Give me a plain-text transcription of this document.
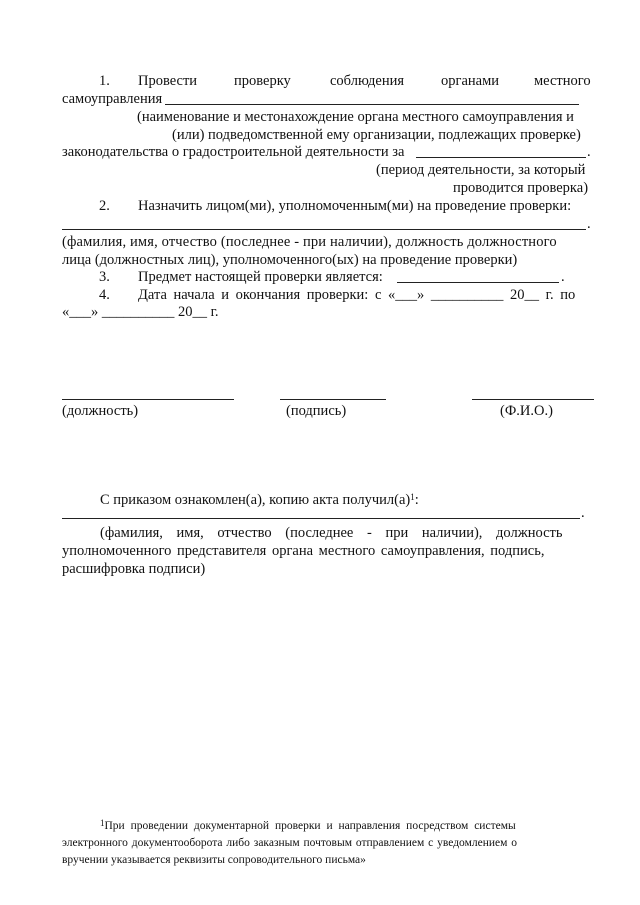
1. Провести	проверку	соблюдения	органами местного
самоуправления
(наименование и местонахождение органа местного самоуправления и
(или) подведомственной ему организации, подлежащих проверке)
законодательства о градостроительной деятельности за	.
(период деятельности, за который
проводится проверка)
2. Назначить лицом(ми), уполномоченным(ми) на проведение проверки:
.
(фамилия, имя, отчество (последнее - при наличии), должность должностного
лица (должностных лиц), уполномоченного(ых) на проведение проверки)
3. Предмет настоящей проверки является:	.
4. Дата начала и окончания проверки: с «___» __________ 20__ г. по
«___» __________ 20__ г.
(должность)	(подпись)	(Ф.И.О.)
С приказом ознакомлен(а), копию акта $получил(а)^1$:
.
(фамилия, имя, отчество (последнее - при наличии), должность
уполномоченного представителя органа местного самоуправления, подпись,
расшифровка подписи)
$^1$При проведении документарной проверки и направления посредством системы
электронного документооборота либо заказным почтовым отправлением с уведомлением о
вручении указывается реквизиты сопроводительного письма»
